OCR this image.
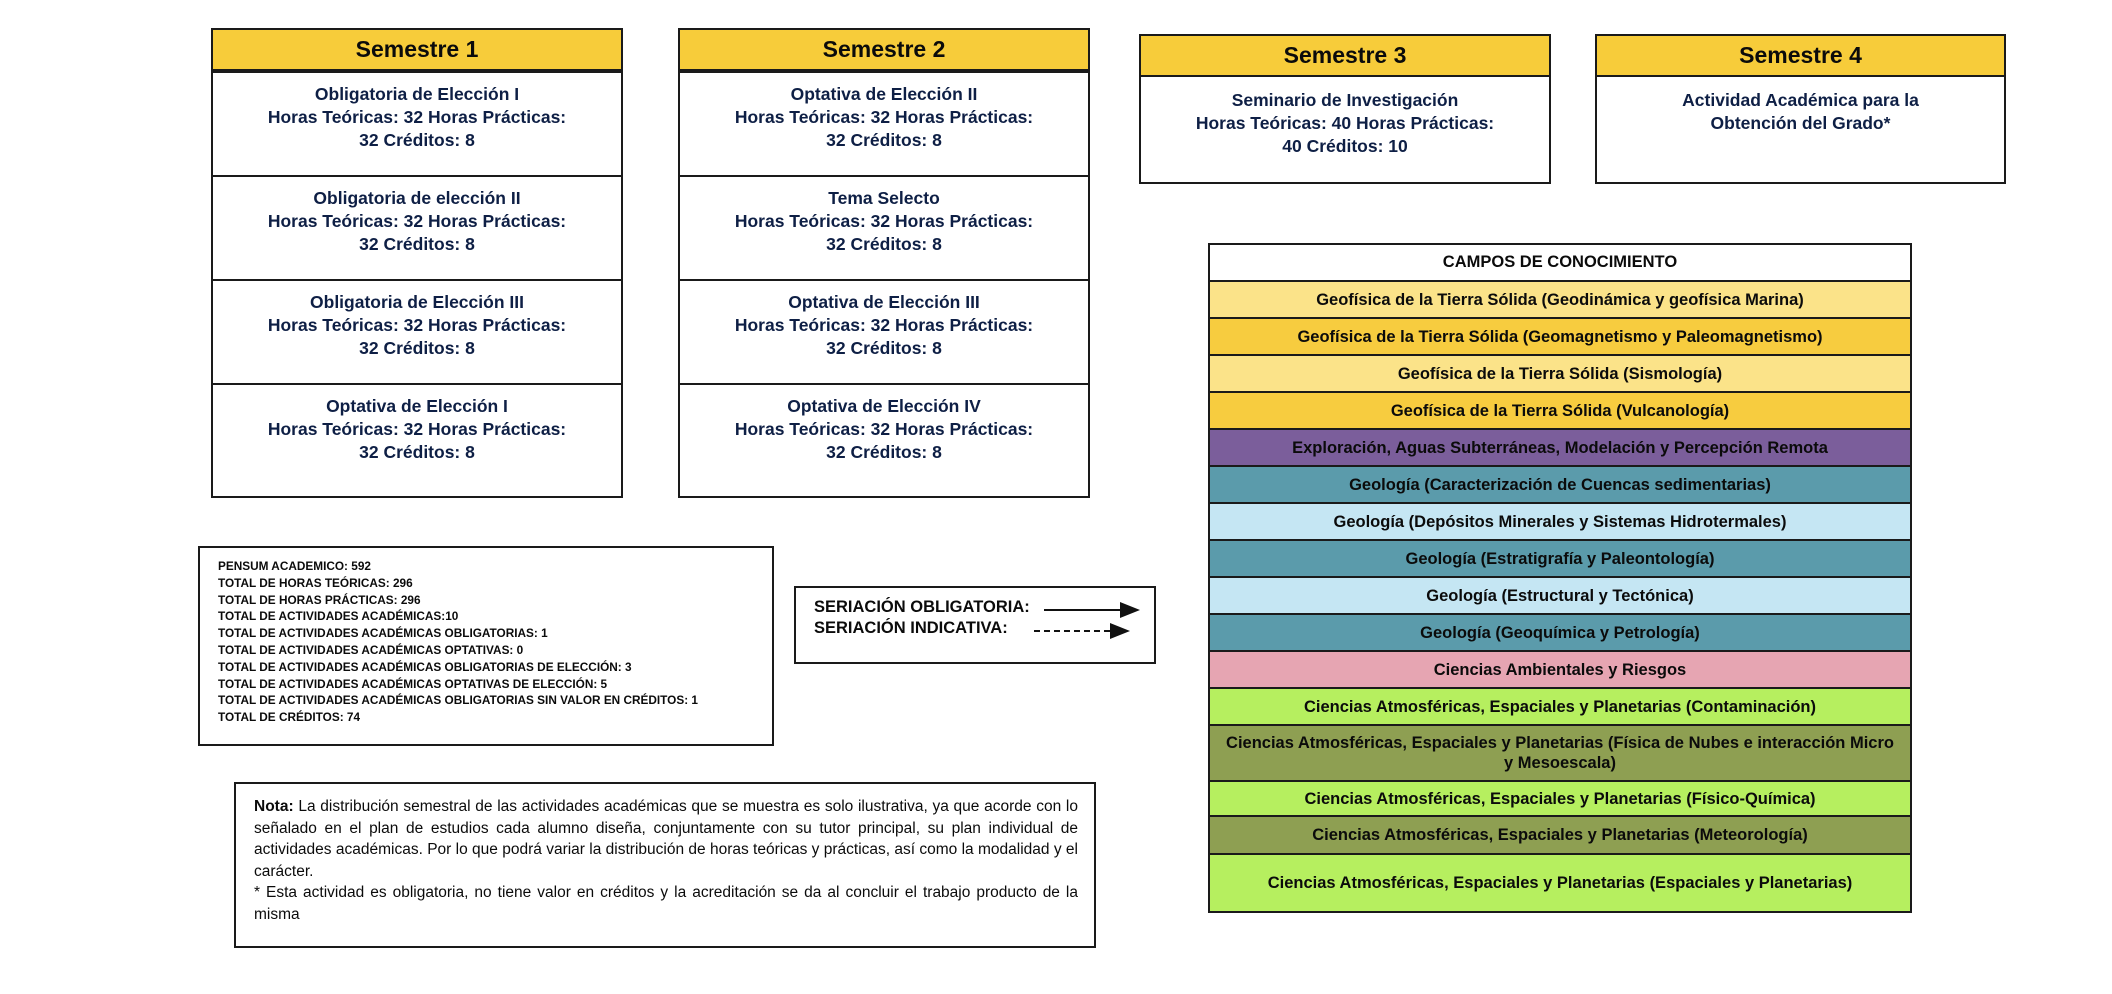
Semestre 1
Obligatoria de Elección I
Horas Teóricas: 32 Horas Prácticas:
32 Créditos: 8
Obligatoria de elección II
Horas Teóricas: 32 Horas Prácticas:
32 Créditos: 8
Obligatoria de Elección III
Horas Teóricas: 32 Horas Prácticas:
32 Créditos: 8
Optativa de Elección I
Horas Teóricas: 32 Horas Prácticas:
32 Créditos: 8
Semestre 2
Optativa de Elección II
Horas Teóricas: 32 Horas Prácticas:
32 Créditos: 8
Tema Selecto
Horas Teóricas: 32 Horas Prácticas:
32 Créditos: 8
Optativa de Elección III
Horas Teóricas: 32 Horas Prácticas:
32 Créditos: 8
Optativa de Elección IV
Horas Teóricas: 32 Horas Prácticas:
32 Créditos: 8
Semestre 3
Seminario de Investigación
Horas Teóricas: 40 Horas Prácticas:
40 Créditos: 10
Semestre 4
Actividad Académica para la
Obtención del Grado*
CAMPOS DE CONOCIMIENTO
Geofísica de la Tierra Sólida (Geodinámica y geofísica Marina)
Geofísica de la Tierra Sólida (Geomagnetismo y Paleomagnetismo)
Geofísica de la Tierra Sólida (Sismología)
Geofísica de la Tierra Sólida (Vulcanología)
Exploración, Aguas Subterráneas, Modelación y Percepción Remota
Geología (Caracterización de Cuencas sedimentarias)
Geología (Depósitos Minerales y Sistemas Hidrotermales)
Geología (Estratigrafía y Paleontología)
Geología (Estructural y Tectónica)
Geología (Geoquímica y Petrología)
Ciencias Ambientales y Riesgos
Ciencias Atmosféricas, Espaciales y Planetarias (Contaminación)
Ciencias Atmosféricas, Espaciales y Planetarias (Física de Nubes e interacción Micro y Mesoescala)
Ciencias Atmosféricas, Espaciales y Planetarias (Físico-Química)
Ciencias Atmosféricas, Espaciales y Planetarias (Meteorología)
Ciencias Atmosféricas, Espaciales y Planetarias (Espaciales y Planetarias)
PENSUM ACADEMICO: 592
TOTAL DE HORAS TEÓRICAS: 296
TOTAL DE HORAS PRÁCTICAS: 296
TOTAL DE ACTIVIDADES ACADÉMICAS:10
TOTAL DE ACTIVIDADES ACADÉMICAS OBLIGATORIAS: 1
TOTAL DE ACTIVIDADES ACADÉMICAS OPTATIVAS: 0
TOTAL DE ACTIVIDADES ACADÉMICAS OBLIGATORIAS DE ELECCIÓN: 3
TOTAL DE ACTIVIDADES ACADÉMICAS OPTATIVAS DE ELECCIÓN: 5
TOTAL DE ACTIVIDADES ACADÉMICAS OBLIGATORIAS SIN VALOR EN CRÉDITOS: 1
TOTAL DE CRÉDITOS: 74
SERIACIÓN OBLIGATORIA:
SERIACIÓN INDICATIVA:
Nota: La distribución semestral de las actividades académicas que se muestra es solo ilustrativa, ya que acorde con lo señalado en el plan de estudios cada alumno diseña, conjuntamente con su tutor principal, su plan individual de actividades académicas. Por lo que podrá variar la distribución de horas teóricas y prácticas, así como la modalidad y el carácter.
* Esta actividad es obligatoria, no tiene valor en créditos y la acreditación se da al concluir el trabajo producto de la misma
